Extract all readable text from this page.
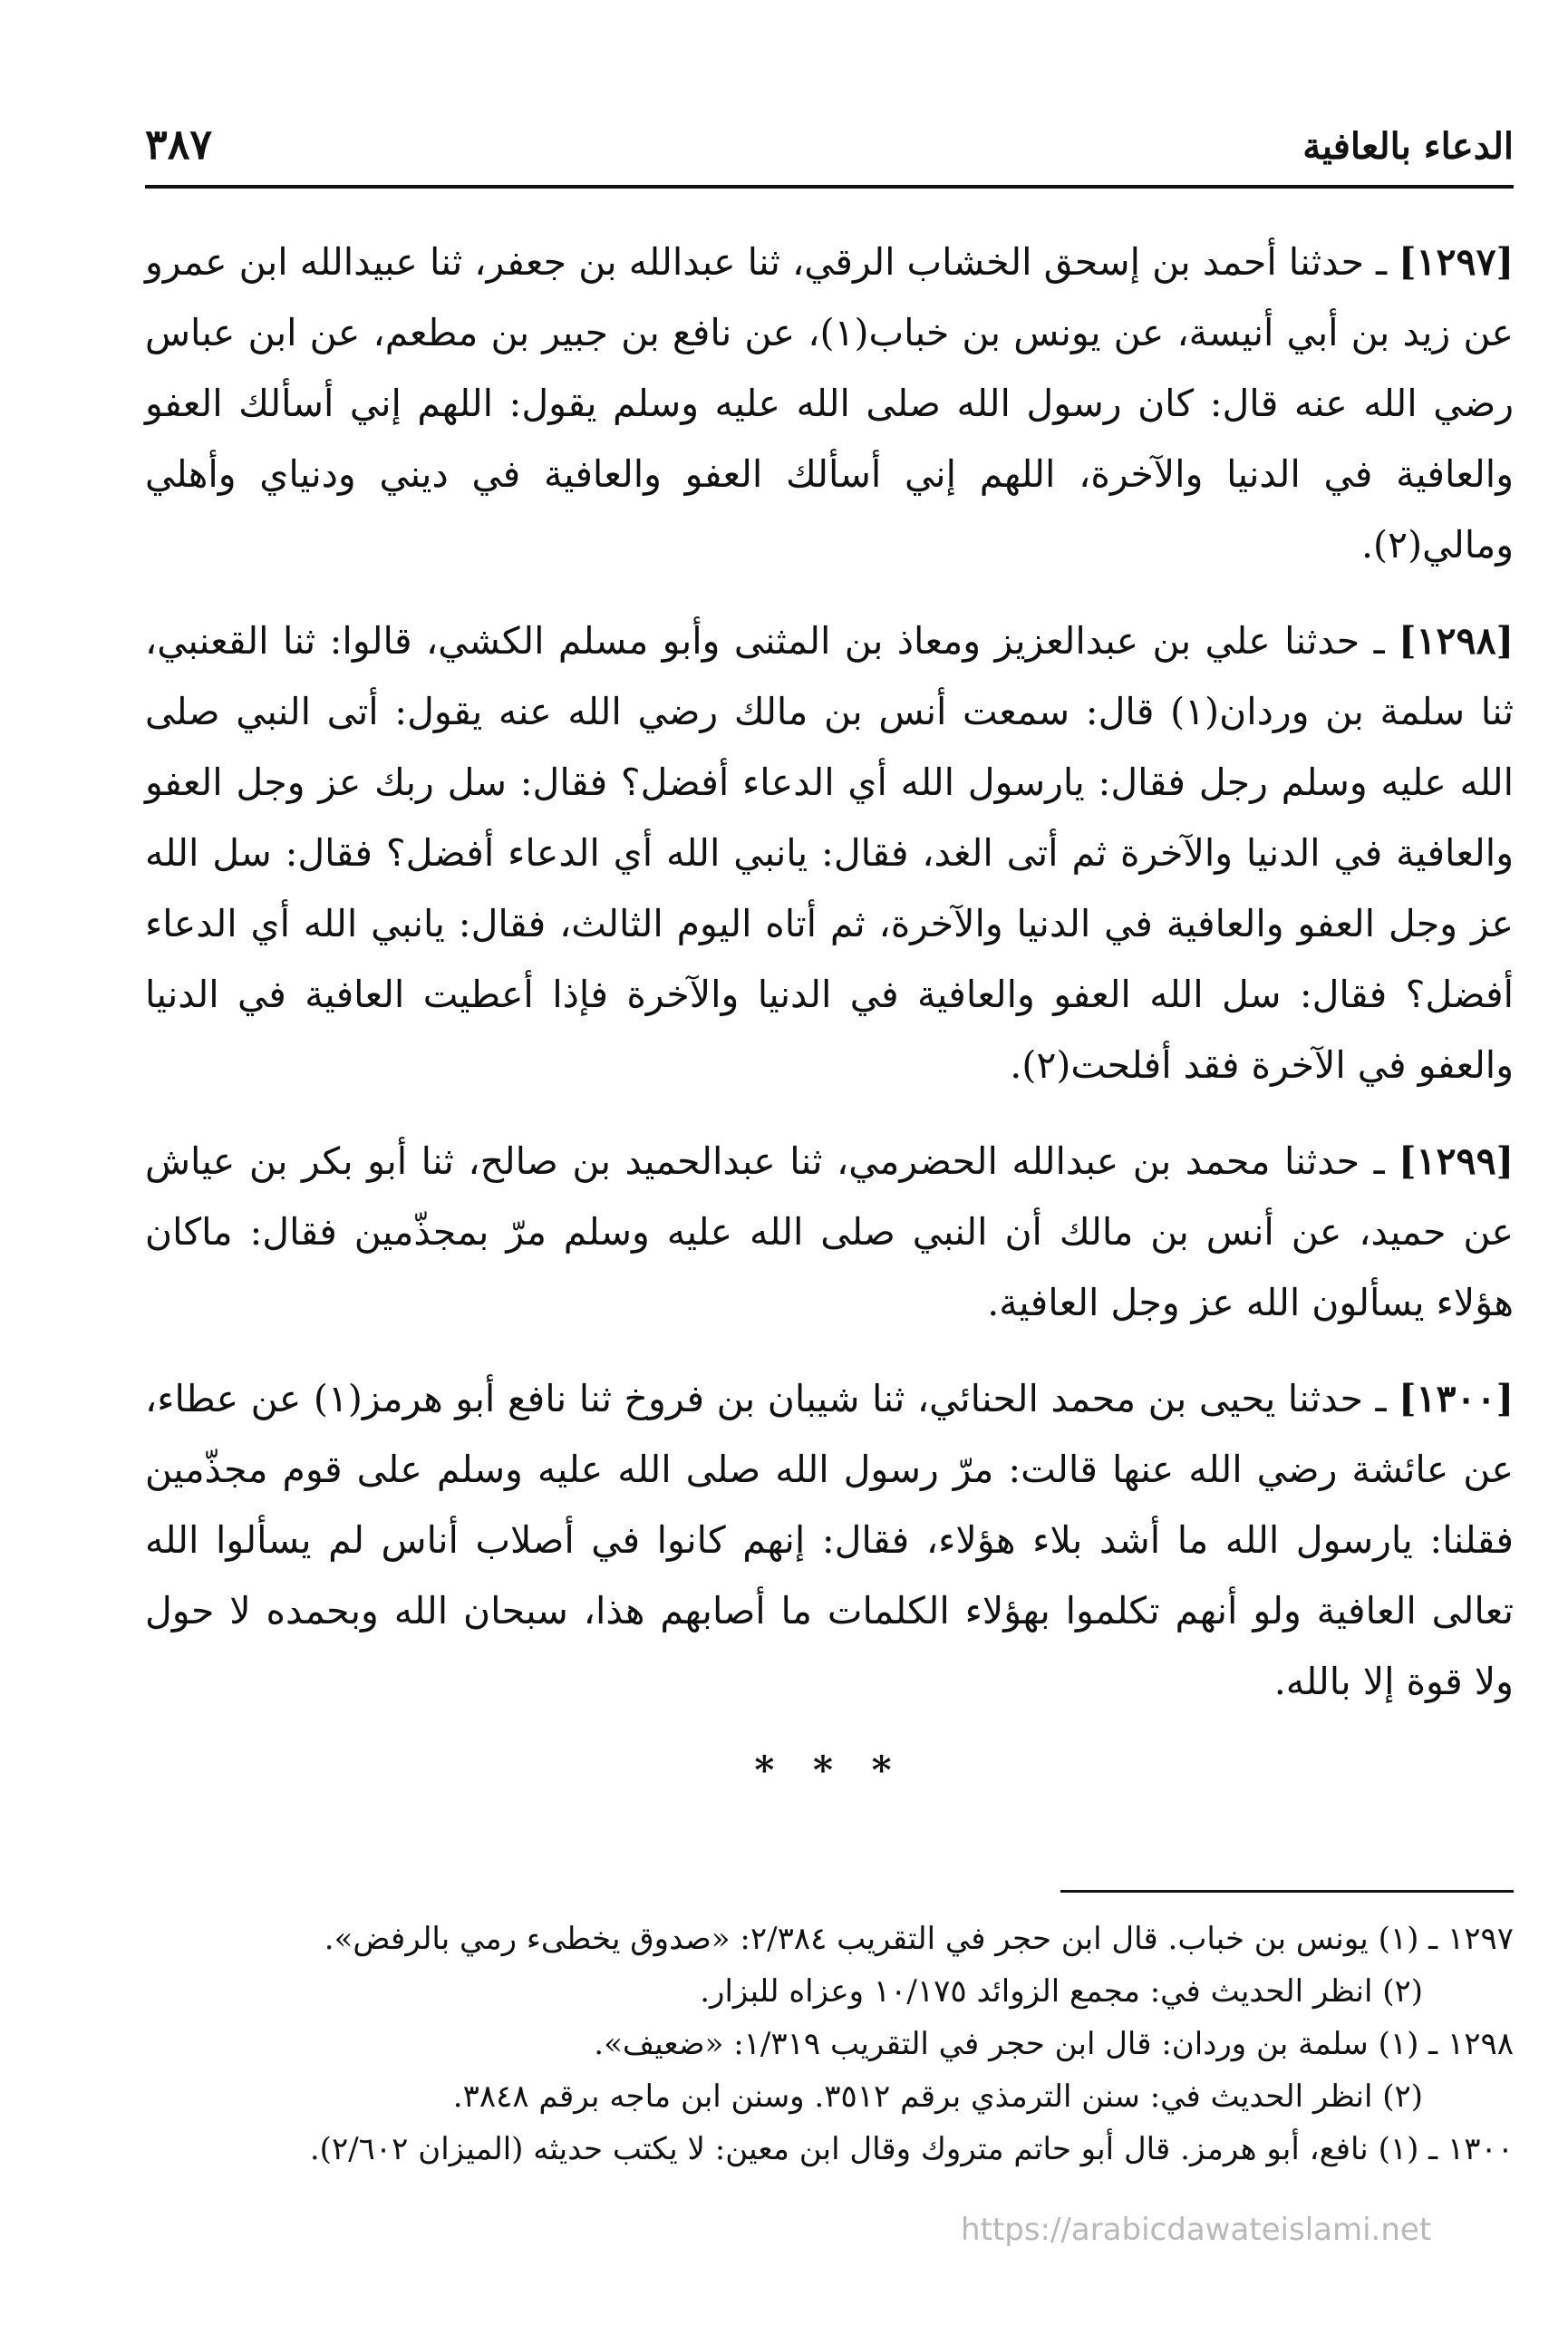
الدعاء بالعافية
٣٨٧

[١٢٩٧] ـ حدثنا أحمد بن إسحق الخشاب الرقي، ثنا عبدالله بن جعفر، ثنا عبيدالله ابن عمرو عن زيد بن أبي أنيسة، عن يونس بن خباب(١)، عن نافع بن جبير بن مطعم، عن ابن عباس رضي الله عنه قال: كان رسول الله صلى الله عليه وسلم يقول: اللهم إني أسألك العفو والعافية في الدنيا والآخرة، اللهم إني أسألك العفو والعافية في ديني ودنياي وأهلي ومالي(٢).

[١٢٩٨] ـ حدثنا علي بن عبدالعزيز ومعاذ بن المثنى وأبو مسلم الكشي، قالوا: ثنا القعنبي، ثنا سلمة بن وردان(١) قال: سمعت أنس بن مالك رضي الله عنه يقول: أتى النبي صلى الله عليه وسلم رجل فقال: يارسول الله أي الدعاء أفضل؟ فقال: سل ربك عز وجل العفو والعافية في الدنيا والآخرة ثم أتى الغد، فقال: يانبي الله أي الدعاء أفضل؟ فقال: سل الله عز وجل العفو والعافية في الدنيا والآخرة، ثم أتاه اليوم الثالث، فقال: يانبي الله أي الدعاء أفضل؟ فقال: سل الله العفو والعافية في الدنيا والآخرة فإذا أعطيت العافية في الدنيا والعفو في الآخرة فقد أفلحت(٢).

[١٢٩٩] ـ حدثنا محمد بن عبدالله الحضرمي، ثنا عبدالحميد بن صالح، ثنا أبو بكر بن عياش عن حميد، عن أنس بن مالك أن النبي صلى الله عليه وسلم مرّ بمجذّمين فقال: ماكان هؤلاء يسألون الله عز وجل العافية.

[١٣٠٠] ـ حدثنا يحيى بن محمد الحنائي، ثنا شيبان بن فروخ ثنا نافع أبو هرمز(١) عن عطاء، عن عائشة رضي الله عنها قالت: مرّ رسول الله صلى الله عليه وسلم على قوم مجذّمين فقلنا: يارسول الله ما أشد بلاء هؤلاء، فقال: إنهم كانوا في أصلاب أناس لم يسألوا الله تعالى العافية ولو أنهم تكلموا بهؤلاء الكلمات ما أصابهم هذا، سبحان الله وبحمده لا حول ولا قوة إلا بالله.

* * *
١٢٩٧ ـ (١) يونس بن خباب. قال ابن حجر في التقريب ٢/٣٨٤: «صدوق يخطىء رمي بالرفض».
(٢) انظر الحديث في: مجمع الزوائد ١٠/١٧٥ وعزاه للبزار.
١٢٩٨ ـ (١) سلمة بن وردان: قال ابن حجر في التقريب ١/٣١٩: «ضعيف».
(٢) انظر الحديث في: سنن الترمذي برقم ٣٥١٢. وسنن ابن ماجه برقم ٣٨٤٨.
١٣٠٠ ـ (١) نافع، أبو هرمز. قال أبو حاتم متروك وقال ابن معين: لا يكتب حديثه (الميزان ٢/٦٠٢).
https://arabicdawateislami.net
